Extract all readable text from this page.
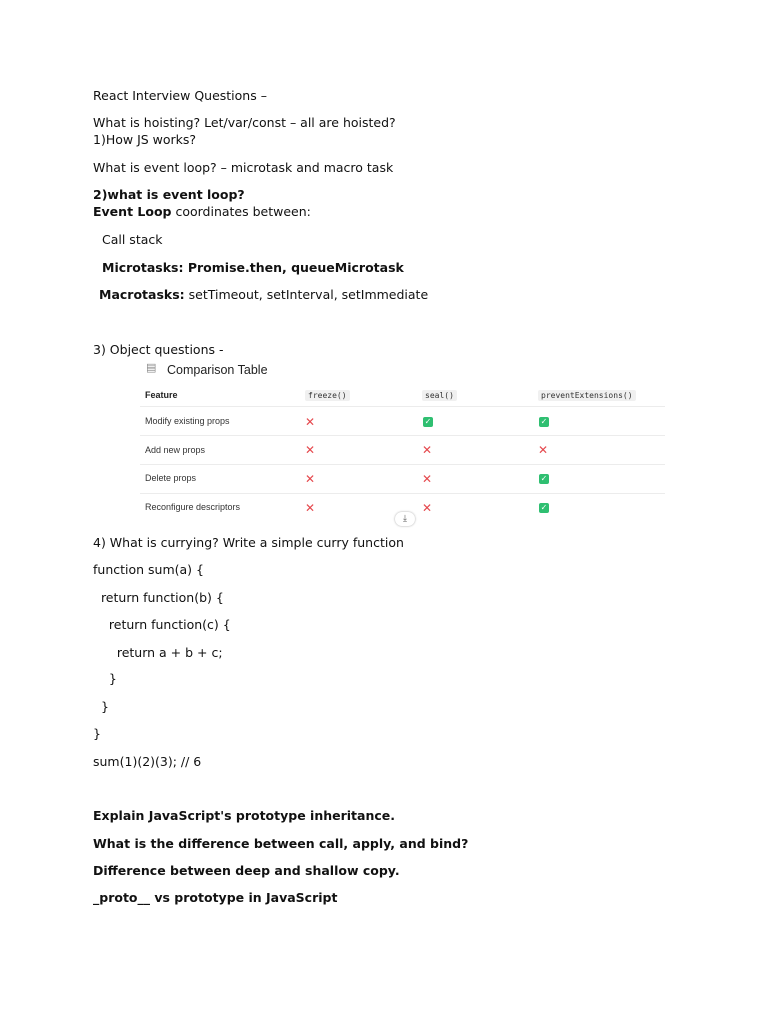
React Interview Questions –
What is hoisting? Let/var/const – all are hoisted?
1)How JS works?
What is event loop? – microtask and macro task
2)what is event loop?
Event Loop coordinates between:
Call stack
Microtasks: Promise.then, queueMicrotask
Macrotasks: setTimeout, setInterval, setImmediate
3) Object questions -
▤ Comparison Table
Feature	freeze()	seal()	preventExtensions()
Modify existing props	✕	✓	✓
Add new props	✕	✕	✕
Delete props	✕	✕	✓
Reconfigure descriptors	✕	✕	✓
⤓
4) What is currying? Write a simple curry function
function sum(a) {
return function(b) {
return function(c) {
return a + b + c;
}
}
}
sum(1)(2)(3); // 6
Explain JavaScript's prototype inheritance.
What is the difference between call, apply, and bind?
Difference between deep and shallow copy.
_proto__ vs prototype in JavaScript
